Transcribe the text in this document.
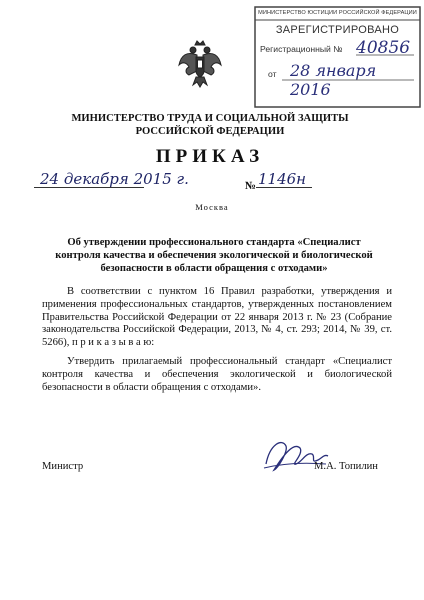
МИНИСТЕРСТВО ЮСТИЦИИ РОССИЙСКОЙ ФЕДЕРАЦИИ
ЗАРЕГИСТРИРОВАНО
Регистрационный № 40856
от 28 января 2016
МИНИСТЕРСТВО ТРУДА И СОЦИАЛЬНОЙ ЗАЩИТЫ РОССИЙСКОЙ ФЕДЕРАЦИИ
ПРИКАЗ
24 декабря 2015 г.	№ 1146н
Москва
Об утверждении профессионального стандарта «Специалист контроля качества и обеспечения экологической и биологической безопасности в области обращения с отходами»
В соответствии с пунктом 16 Правил разработки, утверждения и применения профессиональных стандартов, утвержденных постановлением Правительства Российской Федерации от 22 января 2013 г. № 23 (Собрание законодательства Российской Федерации, 2013, № 4, ст. 293; 2014, № 39, ст. 5266), п р и к а з ы в а ю:
Утвердить прилагаемый профессиональный стандарт «Специалист контроля качества и обеспечения экологической и биологической безопасности в области обращения с отходами».
Министр	М.А. Топилин
